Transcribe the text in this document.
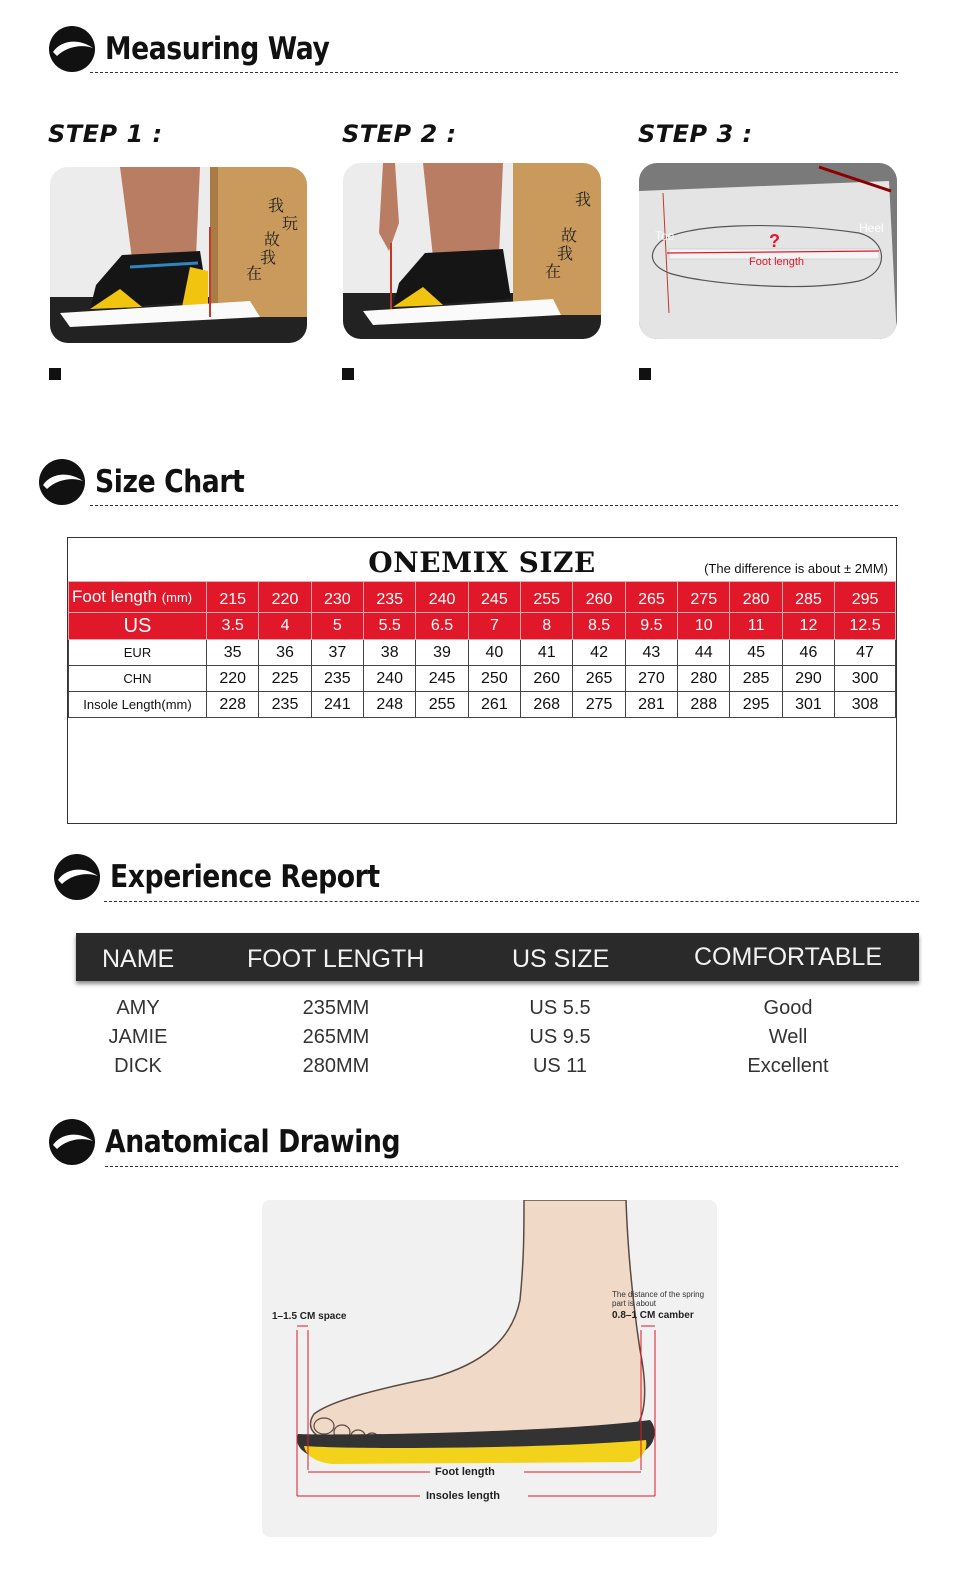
Measuring Way
STEP 1 :	STEP 2 :	STEP 3 :
我
玩
故
我
在
我
故
我
在
Toe
Heel
?
Foot length
Size Chart
ONEMIX SIZE	(The difference is about ± 2MM)
Foot length (mm)	215	220	230	235	240	245	255	260	265	275	280	285	295
US	3.5	4	5	5.5	6.5	7	8	8.5	9.5	10	11	12	12.5
EUR	35	36	37	38	39	40	41	42	43	44	45	46	47
CHN	220	225	235	240	245	250	260	265	270	280	285	290	300
Insole Length(mm)	228	235	241	248	255	261	268	275	281	288	295	301	308
Experience Report
NAME	FOOT LENGTH	US SIZE	COMFORTABLE
AMY	235MM	US 5.5	Good
JAMIE	265MM	US 9.5	Well
DICK	280MM	US 11	Excellent
Anatomical Drawing
1–1.5 CM space
The distance of the spring
part is about
0.8–1 CM camber
Foot length
Insoles length
